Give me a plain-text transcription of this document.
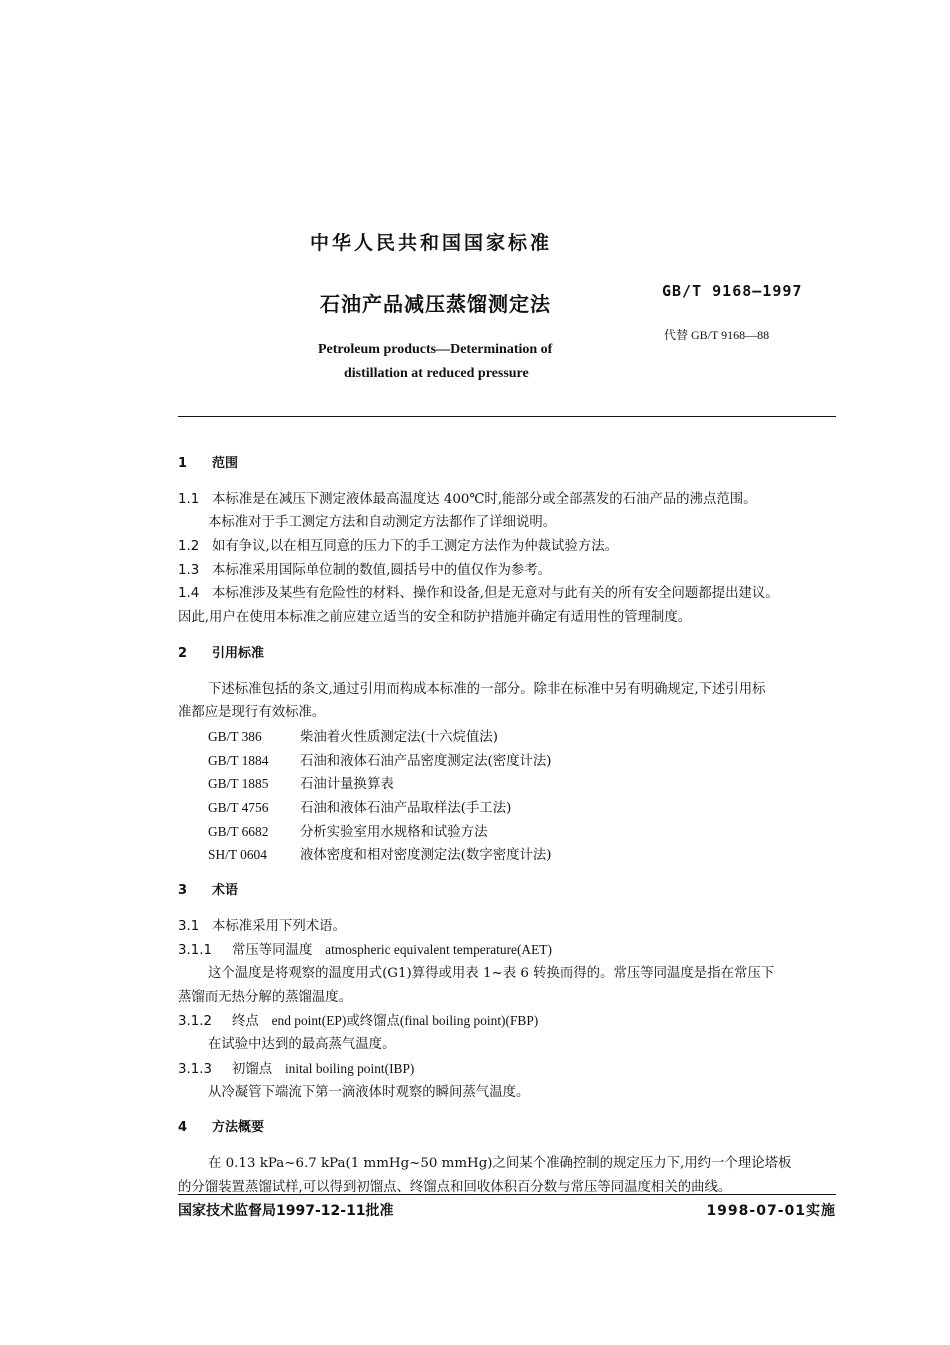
中华人民共和国国家标准
石油产品减压蒸馏测定法
Petroleum products—Determination of
distillation at reduced pressure
GB/T 9168—1997
代替 GB/T 9168—88
1 范围
1.1 本标准是在减压下测定液体最高温度达 400℃时,能部分或全部蒸发的石油产品的沸点范围。
本标准对于手工测定方法和自动测定方法都作了详细说明。
1.2 如有争议,以在相互同意的压力下的手工测定方法作为仲裁试验方法。
1.3 本标准采用国际单位制的数值,圆括号中的值仅作为参考。
1.4 本标准涉及某些有危险性的材料、操作和设备,但是无意对与此有关的所有安全问题都提出建议。
因此,用户在使用本标准之前应建立适当的安全和防护措施并确定有适用性的管理制度。
2 引用标准
下述标准包括的条文,通过引用而构成本标准的一部分。除非在标准中另有明确规定,下述引用标
准都应是现行有效标准。
GB/T 386	柴油着火性质测定法(十六烷值法)
GB/T 1884 石油和液体石油产品密度测定法(密度计法)
GB/T 1885 石油计量换算表
GB/T 4756 石油和液体石油产品取样法(手工法)
GB/T 6682 分析实验室用水规格和试验方法
SH/T 0604 液体密度和相对密度测定法(数字密度计法)
3 术语
3.1 本标准采用下列术语。
3.1.1 常压等同温度 atmospheric equivalent temperature(AET)
这个温度是将观察的温度用式(G1)算得或用表 1~表 6 转换而得的。常压等同温度是指在常压下
蒸馏而无热分解的蒸馏温度。
3.1.2 终点 end point(EP)或终馏点(final boiling point)(FBP)
在试验中达到的最高蒸气温度。
3.1.3 初馏点 inital boiling point(IBP)
从冷凝管下端流下第一滴液体时观察的瞬间蒸气温度。
4 方法概要
在 0.13 kPa~6.7 kPa(1 mmHg~50 mmHg)之间某个准确控制的规定压力下,用约一个理论塔板
的分馏装置蒸馏试样,可以得到初馏点、终馏点和回收体积百分数与常压等同温度相关的曲线。
国家技术监督局1997-12-11批准	1998-07-01实施
